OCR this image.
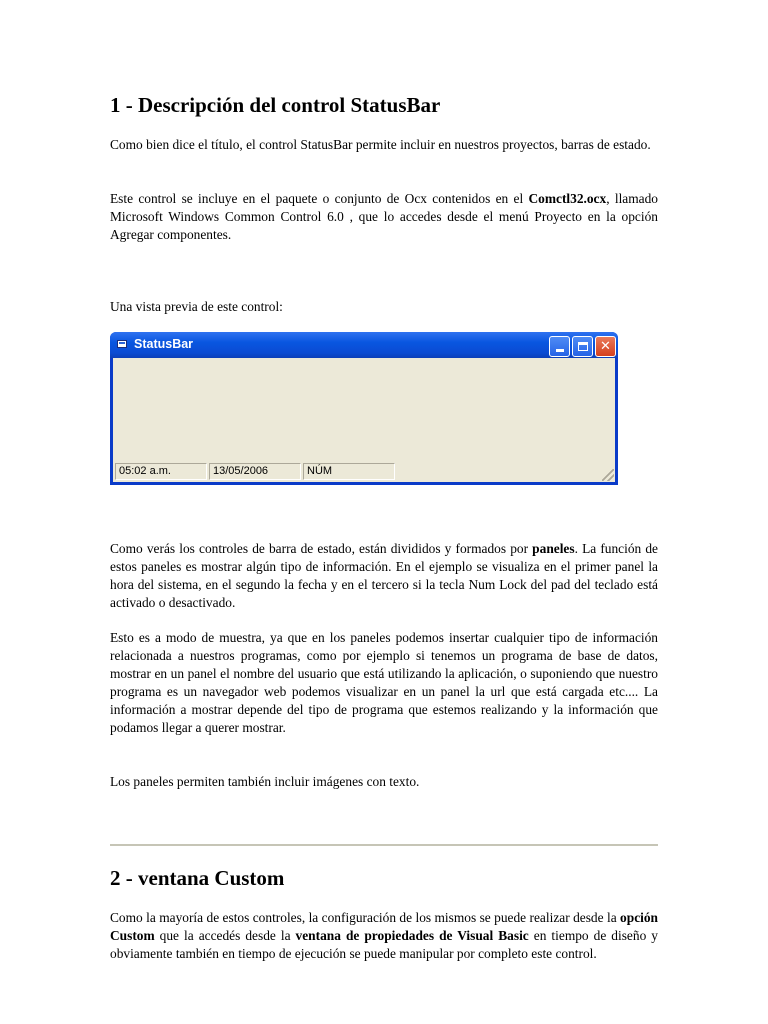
1 - Descripción del control StatusBar

Como bien dice el título, el control StatusBar permite incluir en nuestros proyectos, barras de estado.

Este control se incluye en el paquete o conjunto de Ocx contenidos en el Comctl32.ocx, llamado Microsoft Windows Common Control 6.0 , que lo accedes desde el menú Proyecto en la opción Agregar componentes.

Una vista previa de este control:

StatusBar	✕
05:02 a.m.	13/05/2006	NÚM

Como verás los controles de barra de estado, están divididos y formados por paneles. La función de estos paneles es mostrar algún tipo de información. En el ejemplo se visualiza en el primer panel la hora del sistema, en el segundo la fecha y en el tercero si la tecla Num Lock del pad del teclado está activado o desactivado.

Esto es a modo de muestra, ya que en los paneles podemos insertar cualquier tipo de información relacionada a nuestros programas, como por ejemplo si tenemos un programa de base de datos, mostrar en un panel el nombre del usuario que está utilizando la aplicación, o suponiendo que nuestro programa es un navegador web podemos visualizar en un panel la url que está cargada etc.... La información a mostrar depende del tipo de programa que estemos realizando y la información que podamos llegar a querer mostrar.

Los paneles permiten también incluir imágenes con texto.

2 - ventana Custom

Como la mayoría de estos controles, la configuración de los mismos se puede realizar desde la opción Custom que la accedés desde la ventana de propiedades de Visual Basic en tiempo de diseño y obviamente también en tiempo de ejecución se puede manipular por completo este control.
